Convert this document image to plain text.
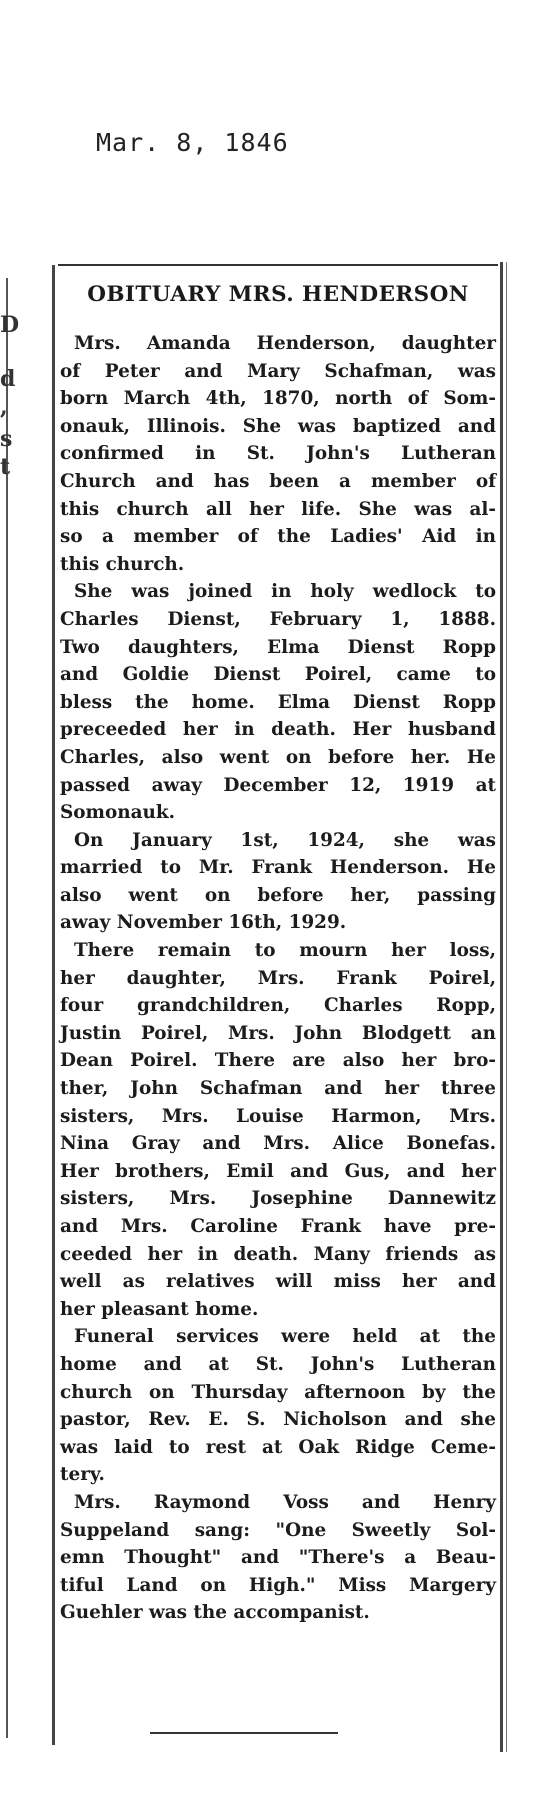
Mar. 8, 1846
D
d
,
s
t
OBITUARY MRS. HENDERSON

Mrs. Amanda Henderson, daughter
of Peter and Mary Schafman, was
born March 4th, 1870, north of Som-
onauk, Illinois. She was baptized and
confirmed in St. John's Lutheran
Church and has been a member of
this church all her life. She was al-
so a member of the Ladies' Aid in
this church.

She was joined in holy wedlock to
Charles Dienst, February 1, 1888.
Two daughters, Elma Dienst Ropp
and Goldie Dienst Poirel, came to
bless the home. Elma Dienst Ropp
preceeded her in death. Her husband
Charles, also went on before her. He
passed away December 12, 1919 at
Somonauk.

On January 1st, 1924, she was
married to Mr. Frank Henderson. He
also went on before her, passing
away November 16th, 1929.

There remain to mourn her loss,
her daughter, Mrs. Frank Poirel,
four grandchildren, Charles Ropp,
Justin Poirel, Mrs. John Blodgett an
Dean Poirel. There are also her bro-
ther, John Schafman and her three
sisters, Mrs. Louise Harmon, Mrs.
Nina Gray and Mrs. Alice Bonefas.
Her brothers, Emil and Gus, and her
sisters, Mrs. Josephine Dannewitz
and Mrs. Caroline Frank have pre-
ceeded her in death. Many friends as
well as relatives will miss her and
her pleasant home.

Funeral services were held at the
home and at St. John's Lutheran
church on Thursday afternoon by the
pastor, Rev. E. S. Nicholson and she
was laid to rest at Oak Ridge Ceme-
tery.

Mrs. Raymond Voss and Henry
Suppeland sang: "One Sweetly Sol-
emn Thought" and "There's a Beau-
tiful Land on High." Miss Margery
Guehler was the accompanist.
